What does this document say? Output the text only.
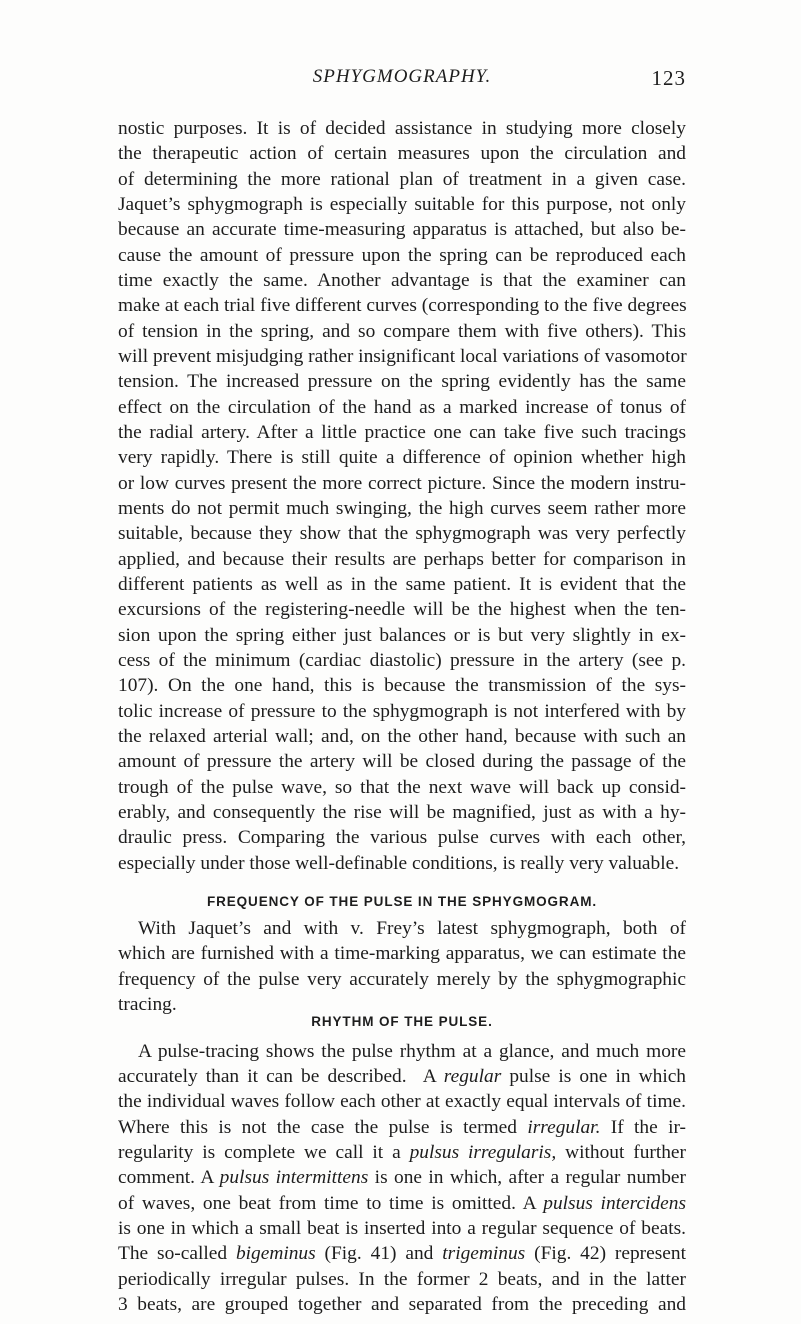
SPHYGMOGRAPHY.	123
nostic purposes. It is of decided assistance in studying more closely
the therapeutic action of certain measures upon the circulation and
of determining the more rational plan of treatment in a given case.
Jaquet’s sphygmograph is especially suitable for this purpose, not only
because an accurate time-measuring apparatus is attached, but also be-
cause the amount of pressure upon the spring can be reproduced each
time exactly the same. Another advantage is that the examiner can
make at each trial five different curves (corresponding to the five degrees
of tension in the spring, and so compare them with five others). This
will prevent misjudging rather insignificant local variations of vasomotor
tension. The increased pressure on the spring evidently has the same
effect on the circulation of the hand as a marked increase of tonus of
the radial artery. After a little practice one can take five such tracings
very rapidly. There is still quite a difference of opinion whether high
or low curves present the more correct picture. Since the modern instru-
ments do not permit much swinging, the high curves seem rather more
suitable, because they show that the sphygmograph was very perfectly
applied, and because their results are perhaps better for comparison in
different patients as well as in the same patient. It is evident that the
excursions of the registering-needle will be the highest when the ten-
sion upon the spring either just balances or is but very slightly in ex-
cess of the minimum (cardiac diastolic) pressure in the artery (see p.
107). On the one hand, this is because the transmission of the sys-
tolic increase of pressure to the sphygmograph is not interfered with by
the relaxed arterial wall; and, on the other hand, because with such an
amount of pressure the artery will be closed during the passage of the
trough of the pulse wave, so that the next wave will back up consid-
erably, and consequently the rise will be magnified, just as with a hy-
draulic press. Comparing the various pulse curves with each other,
especially under those well-definable conditions, is really very valuable.
FREQUENCY OF THE PULSE IN THE SPHYGMOGRAM.
With Jaquet’s and with v. Frey’s latest sphygmograph, both of
which are furnished with a time-marking apparatus, we can estimate the
frequency of the pulse very accurately merely by the sphygmographic
tracing.
RHYTHM OF THE PULSE.
A pulse-tracing shows the pulse rhythm at a glance, and much more
accurately than it can be described. A regular pulse is one in which
the individual waves follow each other at exactly equal intervals of time.
Where this is not the case the pulse is termed irregular. If the ir-
regularity is complete we call it a pulsus irregularis, without further
comment. A pulsus intermittens is one in which, after a regular number
of waves, one beat from time to time is omitted. A pulsus intercidens
is one in which a small beat is inserted into a regular sequence of beats.
The so-called bigeminus (Fig. 41) and trigeminus (Fig. 42) represent
periodically irregular pulses. In the former 2 beats, and in the latter
3 beats, are grouped together and separated from the preceding and
